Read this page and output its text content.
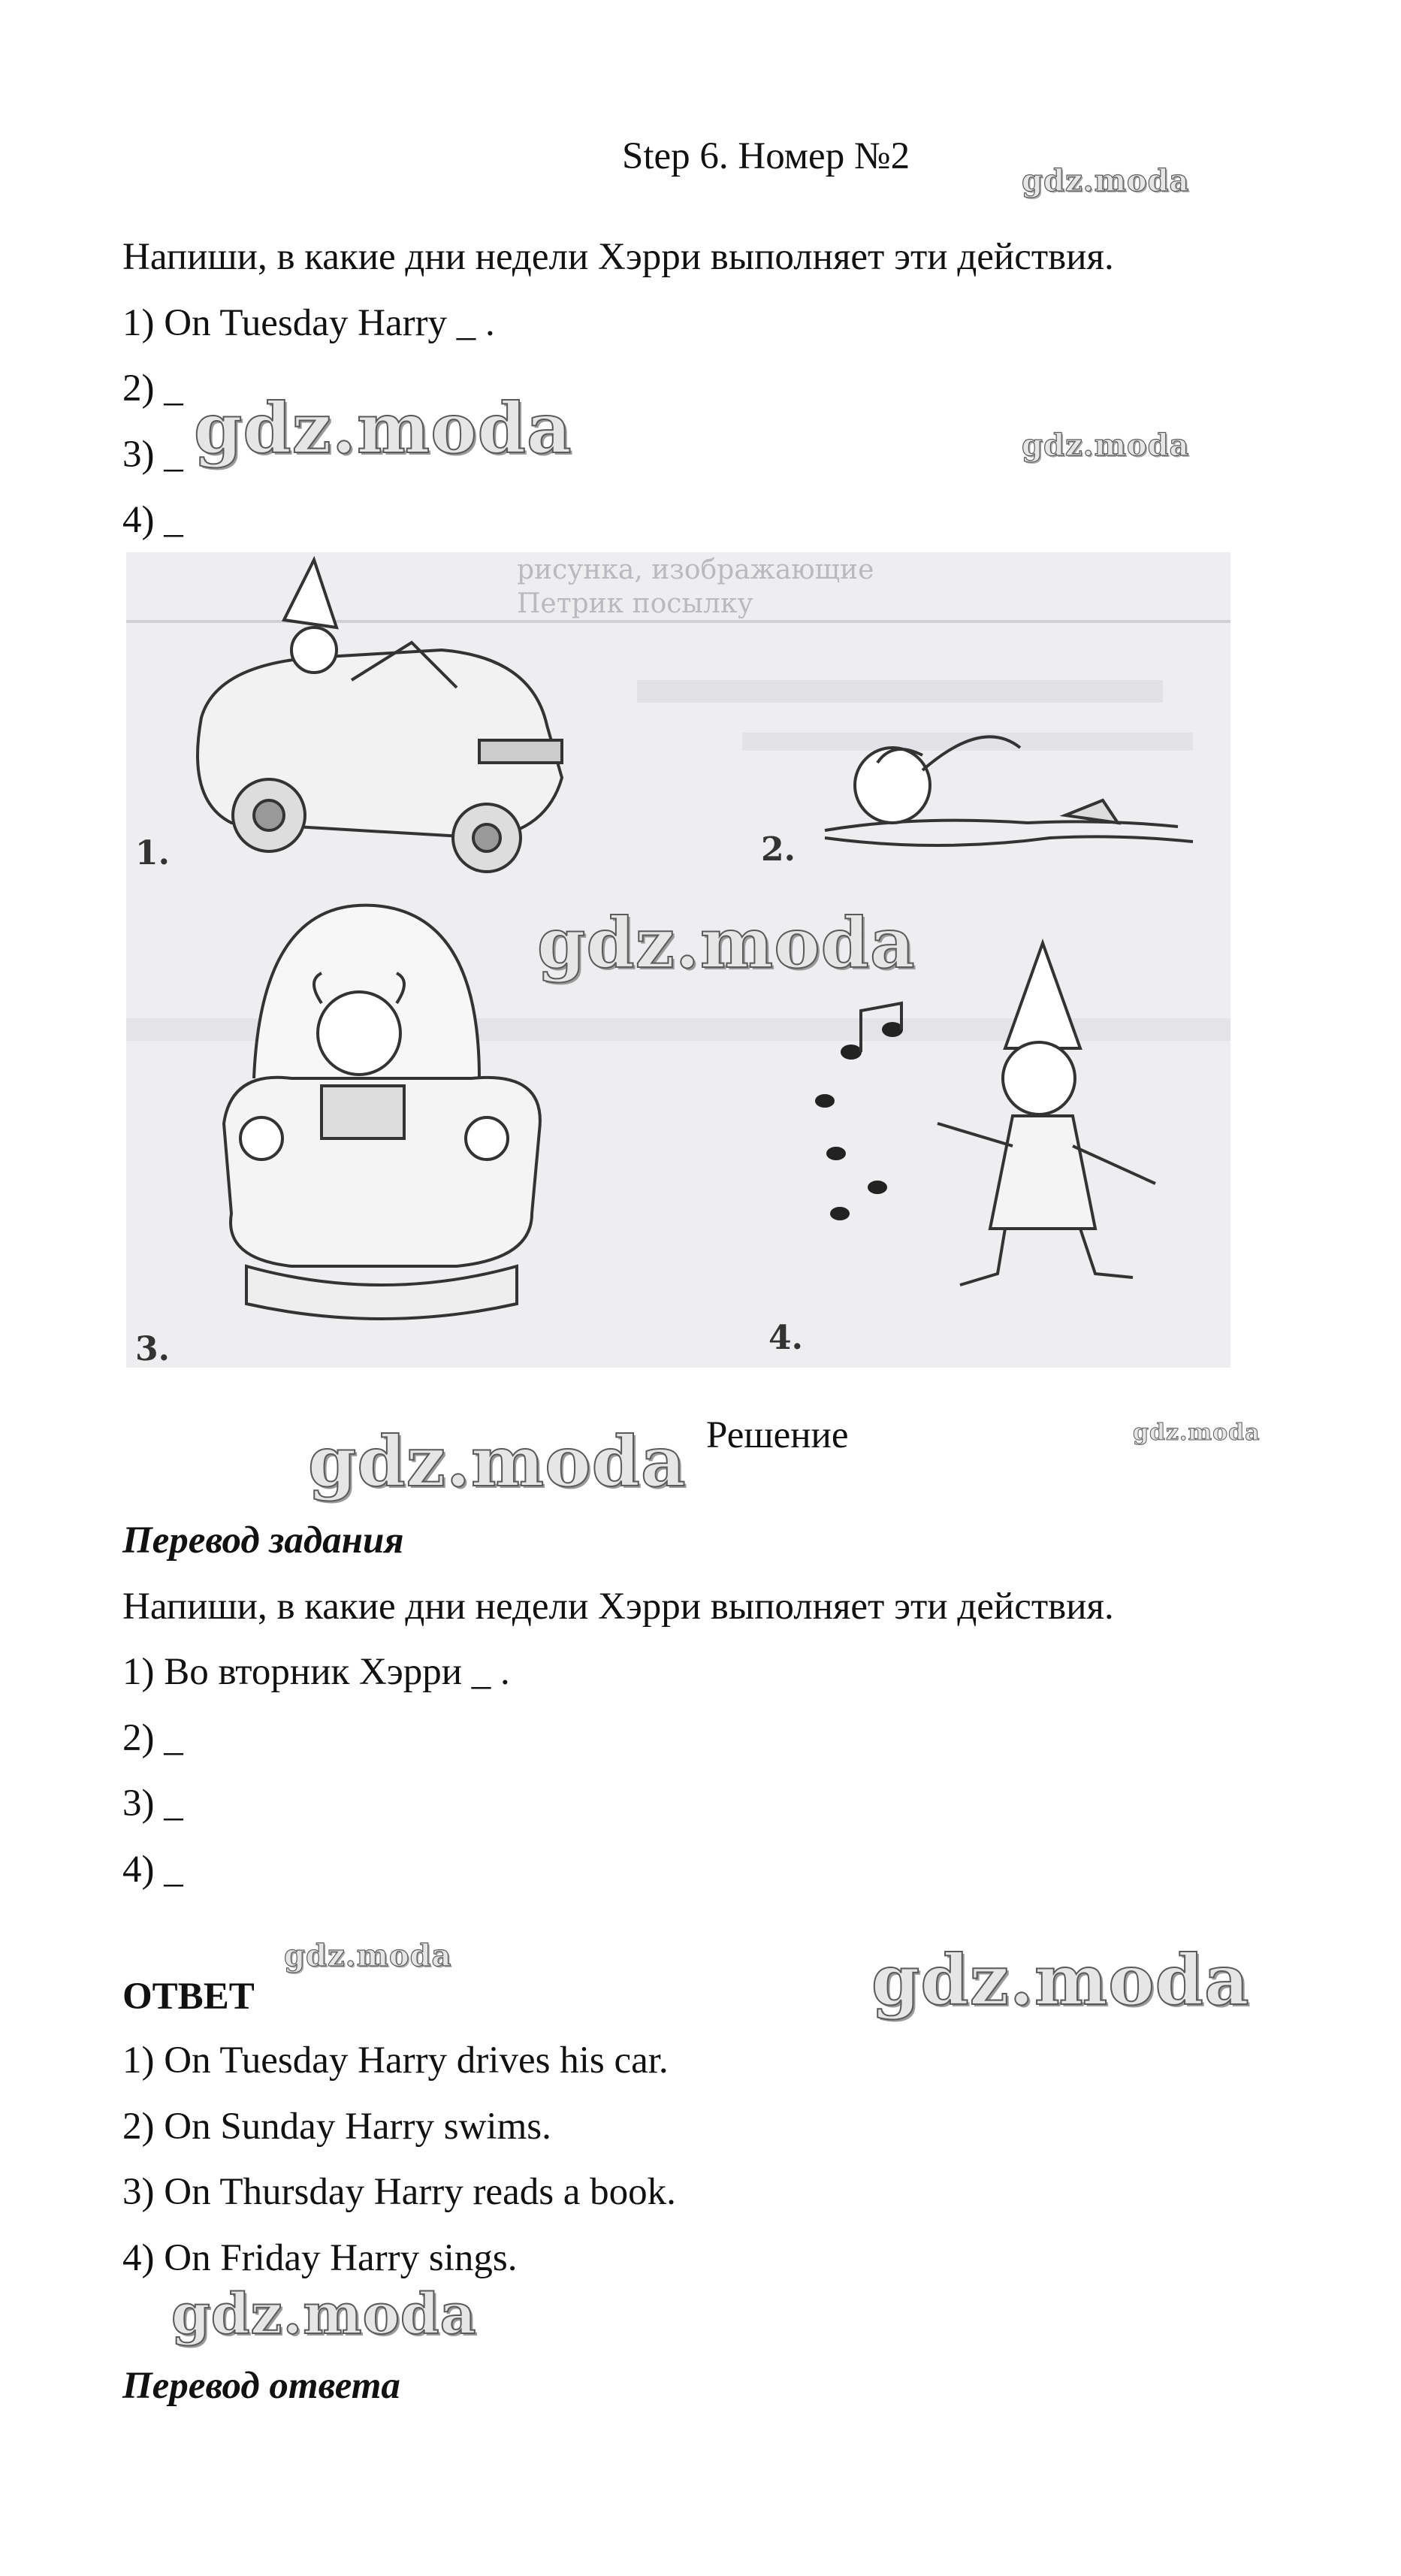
Step 6. Номер №2
Напиши, в какие дни недели Хэрри выполняет эти действия.
1) On Tuesday Harry _ .
2) _
3) _
4) _
рисунка, изображающие
Петрик посылку
1.	2.
3.	4.
Решение
Перевод задания
Напиши, в какие дни недели Хэрри выполняет эти действия.
1) Во вторник Хэрри _ .
2) _
3) _
4) _
ОТВЕТ
1) On Tuesday Harry drives his car.
2) On Sunday Harry swims.
3) On Thursday Harry reads a book.
4) On Friday Harry sings.
Перевод ответа
gdz.moda
gdz.moda	gdz.moda
gdz.moda
gdz.moda	gdz.moda
gdz.moda	gdz.moda
gdz.moda
